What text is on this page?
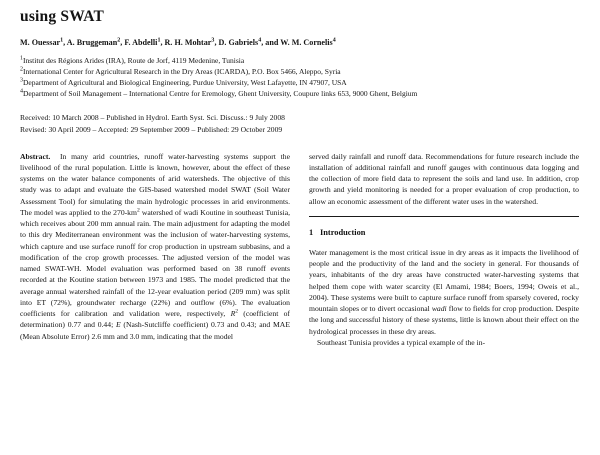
using SWAT
M. Ouessar$^1$, A. Bruggeman$^2$, F. Abdelli$^1$, R. H. Mohtar$^3$, D. Gabriels$^4$, and W. M. Cornelis$^4$

$^1$Institut des Régions Arides (IRA), Route de Jorf, 4119 Medenine, Tunisia

$^2$International Center for Agricultural Research in the Dry Areas (ICARDA), P.O. Box 5466, Aleppo, Syria

$^3$Department of Agricultural and Biological Engineering, Purdue University, West Lafayette, IN 47907, USA

$^4$Department of Soil Management – International Centre for Eremology, Ghent University, Coupure links 653, 9000 Ghent, Belgium

Received: 10 March 2008 – Published in Hydrol. Earth Syst. Sci. Discuss.: 9 July 2008

Revised: 30 April 2009 – Accepted: 29 September 2009 – Published: 29 October 2009

Abstract. In many arid countries, runoff water-harvesting systems support the livelihood of the rural population. Little is known, however, about the effect of these systems on the water balance components of arid watersheds. The objective of this study was to adapt and evaluate the GIS-based watershed model SWAT (Soil Water Assessment Tool) for simulating the main hydrologic processes in arid environments. The model was applied to the $270-km^2$ watershed of wadi Koutine in southeast Tunisia, which receives about 200 mm annual rain. The main adjustment for adapting the model to this dry Mediterranean environment was the inclusion of water-harvesting systems, which capture and use surface runoff for crop production in upstream subbasins, and a modification of the crop growth processes. The adjusted version of the model was named SWAT-WH. Model evaluation was performed based on 38 runoff events recorded at the Koutine station between 1973 and 1985. The model predicted that the average annual watershed rainfall of the 12-year evaluation period (209 mm) was split into ET (72%), groundwater recharge (22%) and outflow (6%). The evaluation coefficients for calibration and validation were, respectively, $R^2$ (coefficient of determination) 0.77 and 0.44; E (Nash-Sutcliffe coefficient) 0.73 and 0.43; and MAE (Mean Absolute Error) 2.6 mm and 3.0 mm, indicating that the model

served daily rainfall and runoff data. Recommendations for future research include the installation of additional rainfall and runoff gauges with continuous data logging and the collection of more field data to represent the soils and land use. In addition, crop growth and yield monitoring is needed for a proper evaluation of crop production, to allow an economic assessment of the different water uses in the watershed.

1 Introduction

Water management is the most critical issue in dry areas as it impacts the livelihood of people and the productivity of the land and the society in general. For thousands of years, inhabitants of the dry areas have constructed water-harvesting systems that helped them cope with water scarcity (El Amami, 1984; Boers, 1994; Oweis et al., 2004). These systems were built to capture surface runoff from sparsely covered, rocky mountain slopes or to divert occasional wadi flow to fields for crop production. Despite the long and successful history of these systems, little is known about their effect on the hydrological processes in these dry areas.

Southeast Tunisia provides a typical example of the in-
